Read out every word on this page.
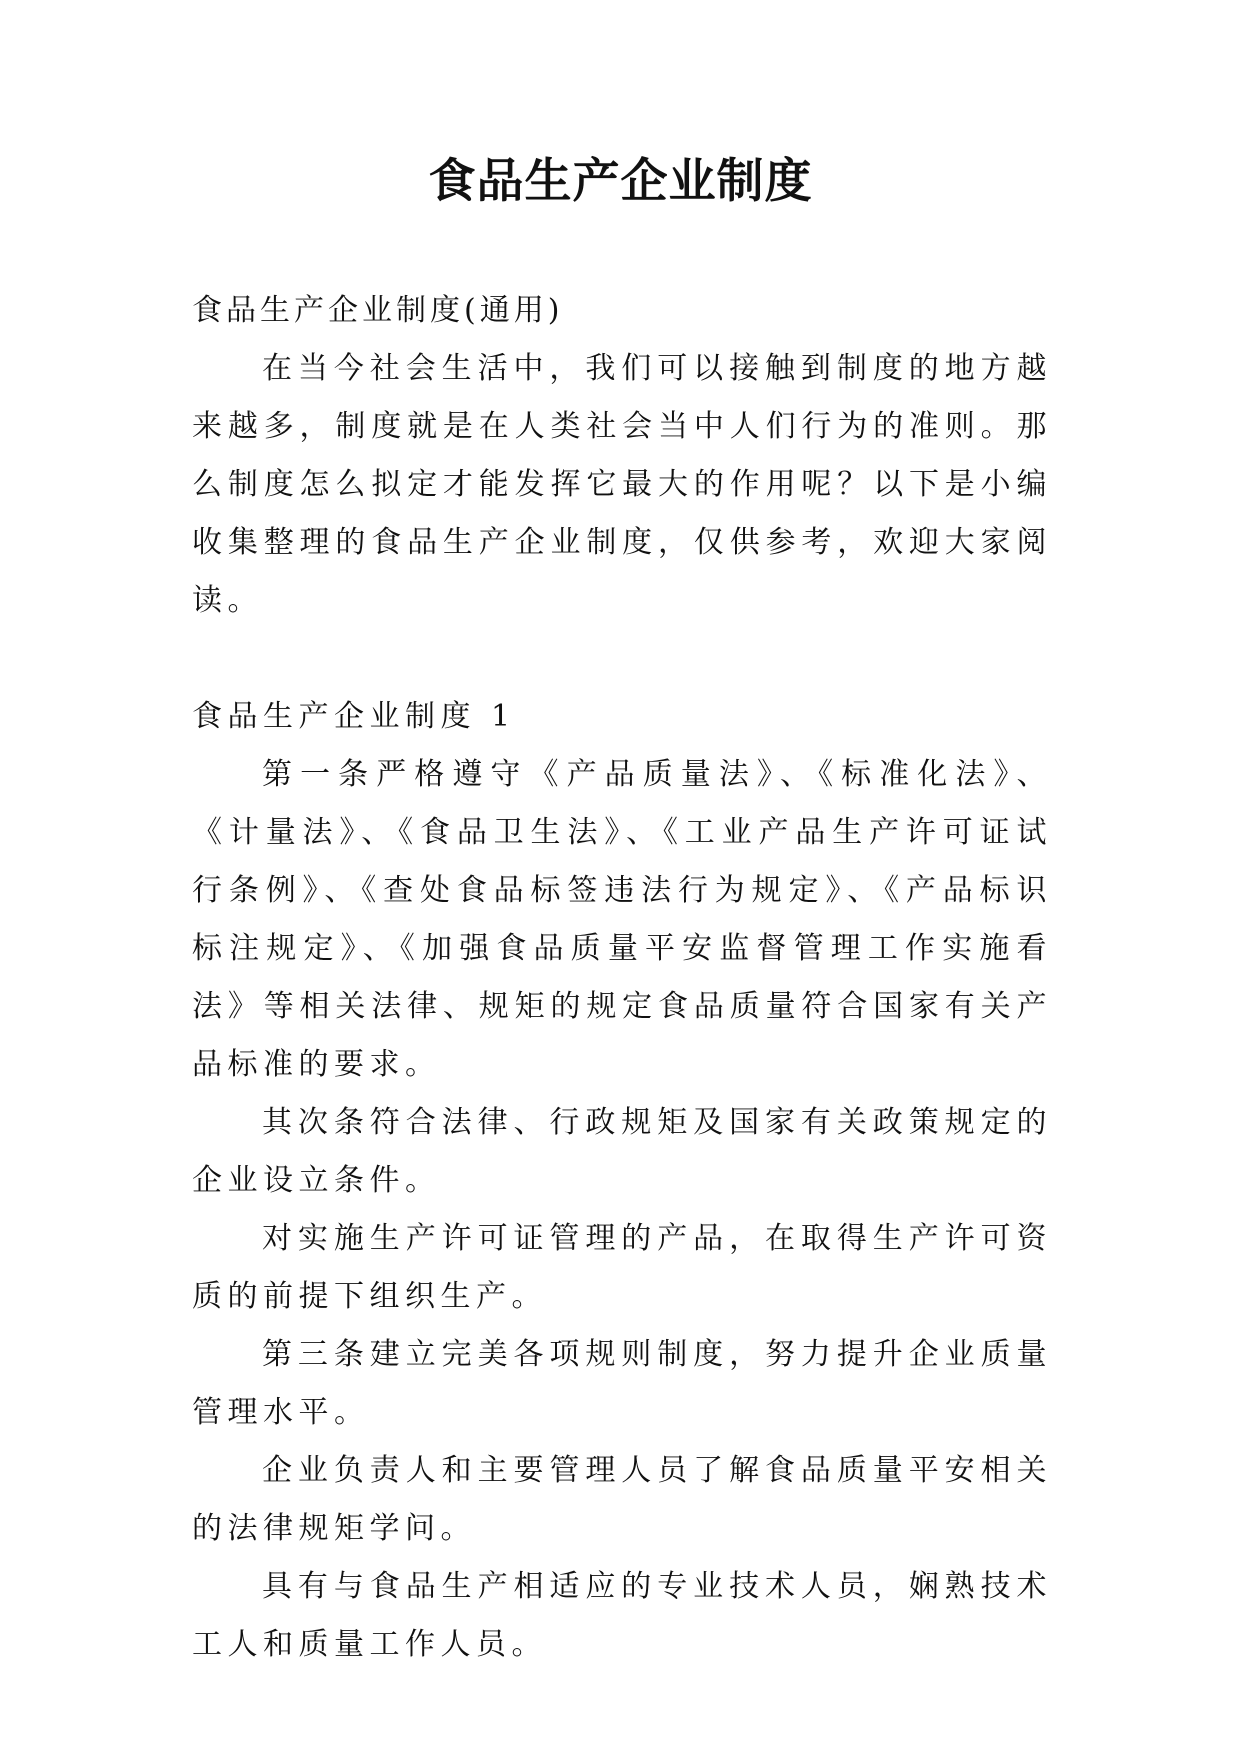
食品生产企业制度

食品生产企业制度(通用)

在当今社会生活中，我们可以接触到制度的地方越来越多，制度就是在人类社会当中人们行为的准则。那么制度怎么拟定才能发挥它最大的作用呢？以下是小编收集整理的食品生产企业制度，仅供参考，欢迎大家阅读。

食品生产企业制度 1

第一条严格遵守《产品质量法》、《标准化法》、《计量法》、《食品卫生法》、《工业产品生产许可证试行条例》、《查处食品标签违法行为规定》、《产品标识标注规定》、《加强食品质量平安监督管理工作实施看法》等相关法律、规矩的规定食品质量符合国家有关产品标准的要求。

其次条符合法律、行政规矩及国家有关政策规定的企业设立条件。

对实施生产许可证管理的产品，在取得生产许可资质的前提下组织生产。

第三条建立完美各项规则制度，努力提升企业质量管理水平。

企业负责人和主要管理人员了解食品质量平安相关的法律规矩学问。

具有与食品生产相适应的专业技术人员，娴熟技术工人和质量工作人员。
